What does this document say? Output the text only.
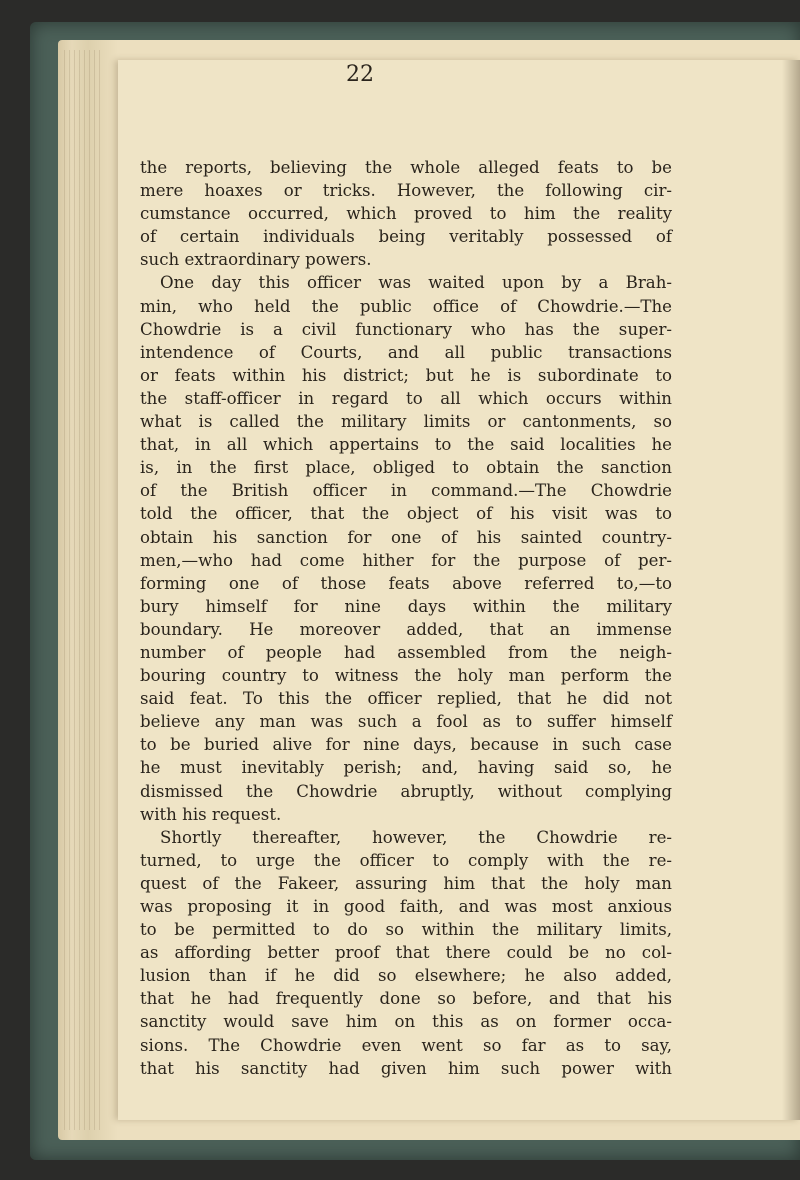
22
the reports, believing the whole alleged feats to be
mere hoaxes or tricks. However, the following cir-
cumstance occurred, which proved to him the reality
of certain individuals being veritably possessed of
such extraordinary powers.
One day this officer was waited upon by a Brah-
min, who held the public office of Chowdrie.—The
Chowdrie is a civil functionary who has the super-
intendence of Courts, and all public transactions
or feats within his district; but he is subordinate to
the staff-officer in regard to all which occurs within
what is called the military limits or cantonments, so
that, in all which appertains to the said localities he
is, in the first place, obliged to obtain the sanction
of the British officer in command.—The Chowdrie
told the officer, that the object of his visit was to
obtain his sanction for one of his sainted country-
men,—who had come hither for the purpose of per-
forming one of those feats above referred to,—to
bury himself for nine days within the military
boundary. He moreover added, that an immense
number of people had assembled from the neigh-
bouring country to witness the holy man perform the
said feat. To this the officer replied, that he did not
believe any man was such a fool as to suffer himself
to be buried alive for nine days, because in such case
he must inevitably perish; and, having said so, he
dismissed the Chowdrie abruptly, without complying
with his request.
Shortly thereafter, however, the Chowdrie re-
turned, to urge the officer to comply with the re-
quest of the Fakeer, assuring him that the holy man
was proposing it in good faith, and was most anxious
to be permitted to do so within the military limits,
as affording better proof that there could be no col-
lusion than if he did so elsewhere; he also added,
that he had frequently done so before, and that his
sanctity would save him on this as on former occa-
sions. The Chowdrie even went so far as to say,
that his sanctity had given him such power with
